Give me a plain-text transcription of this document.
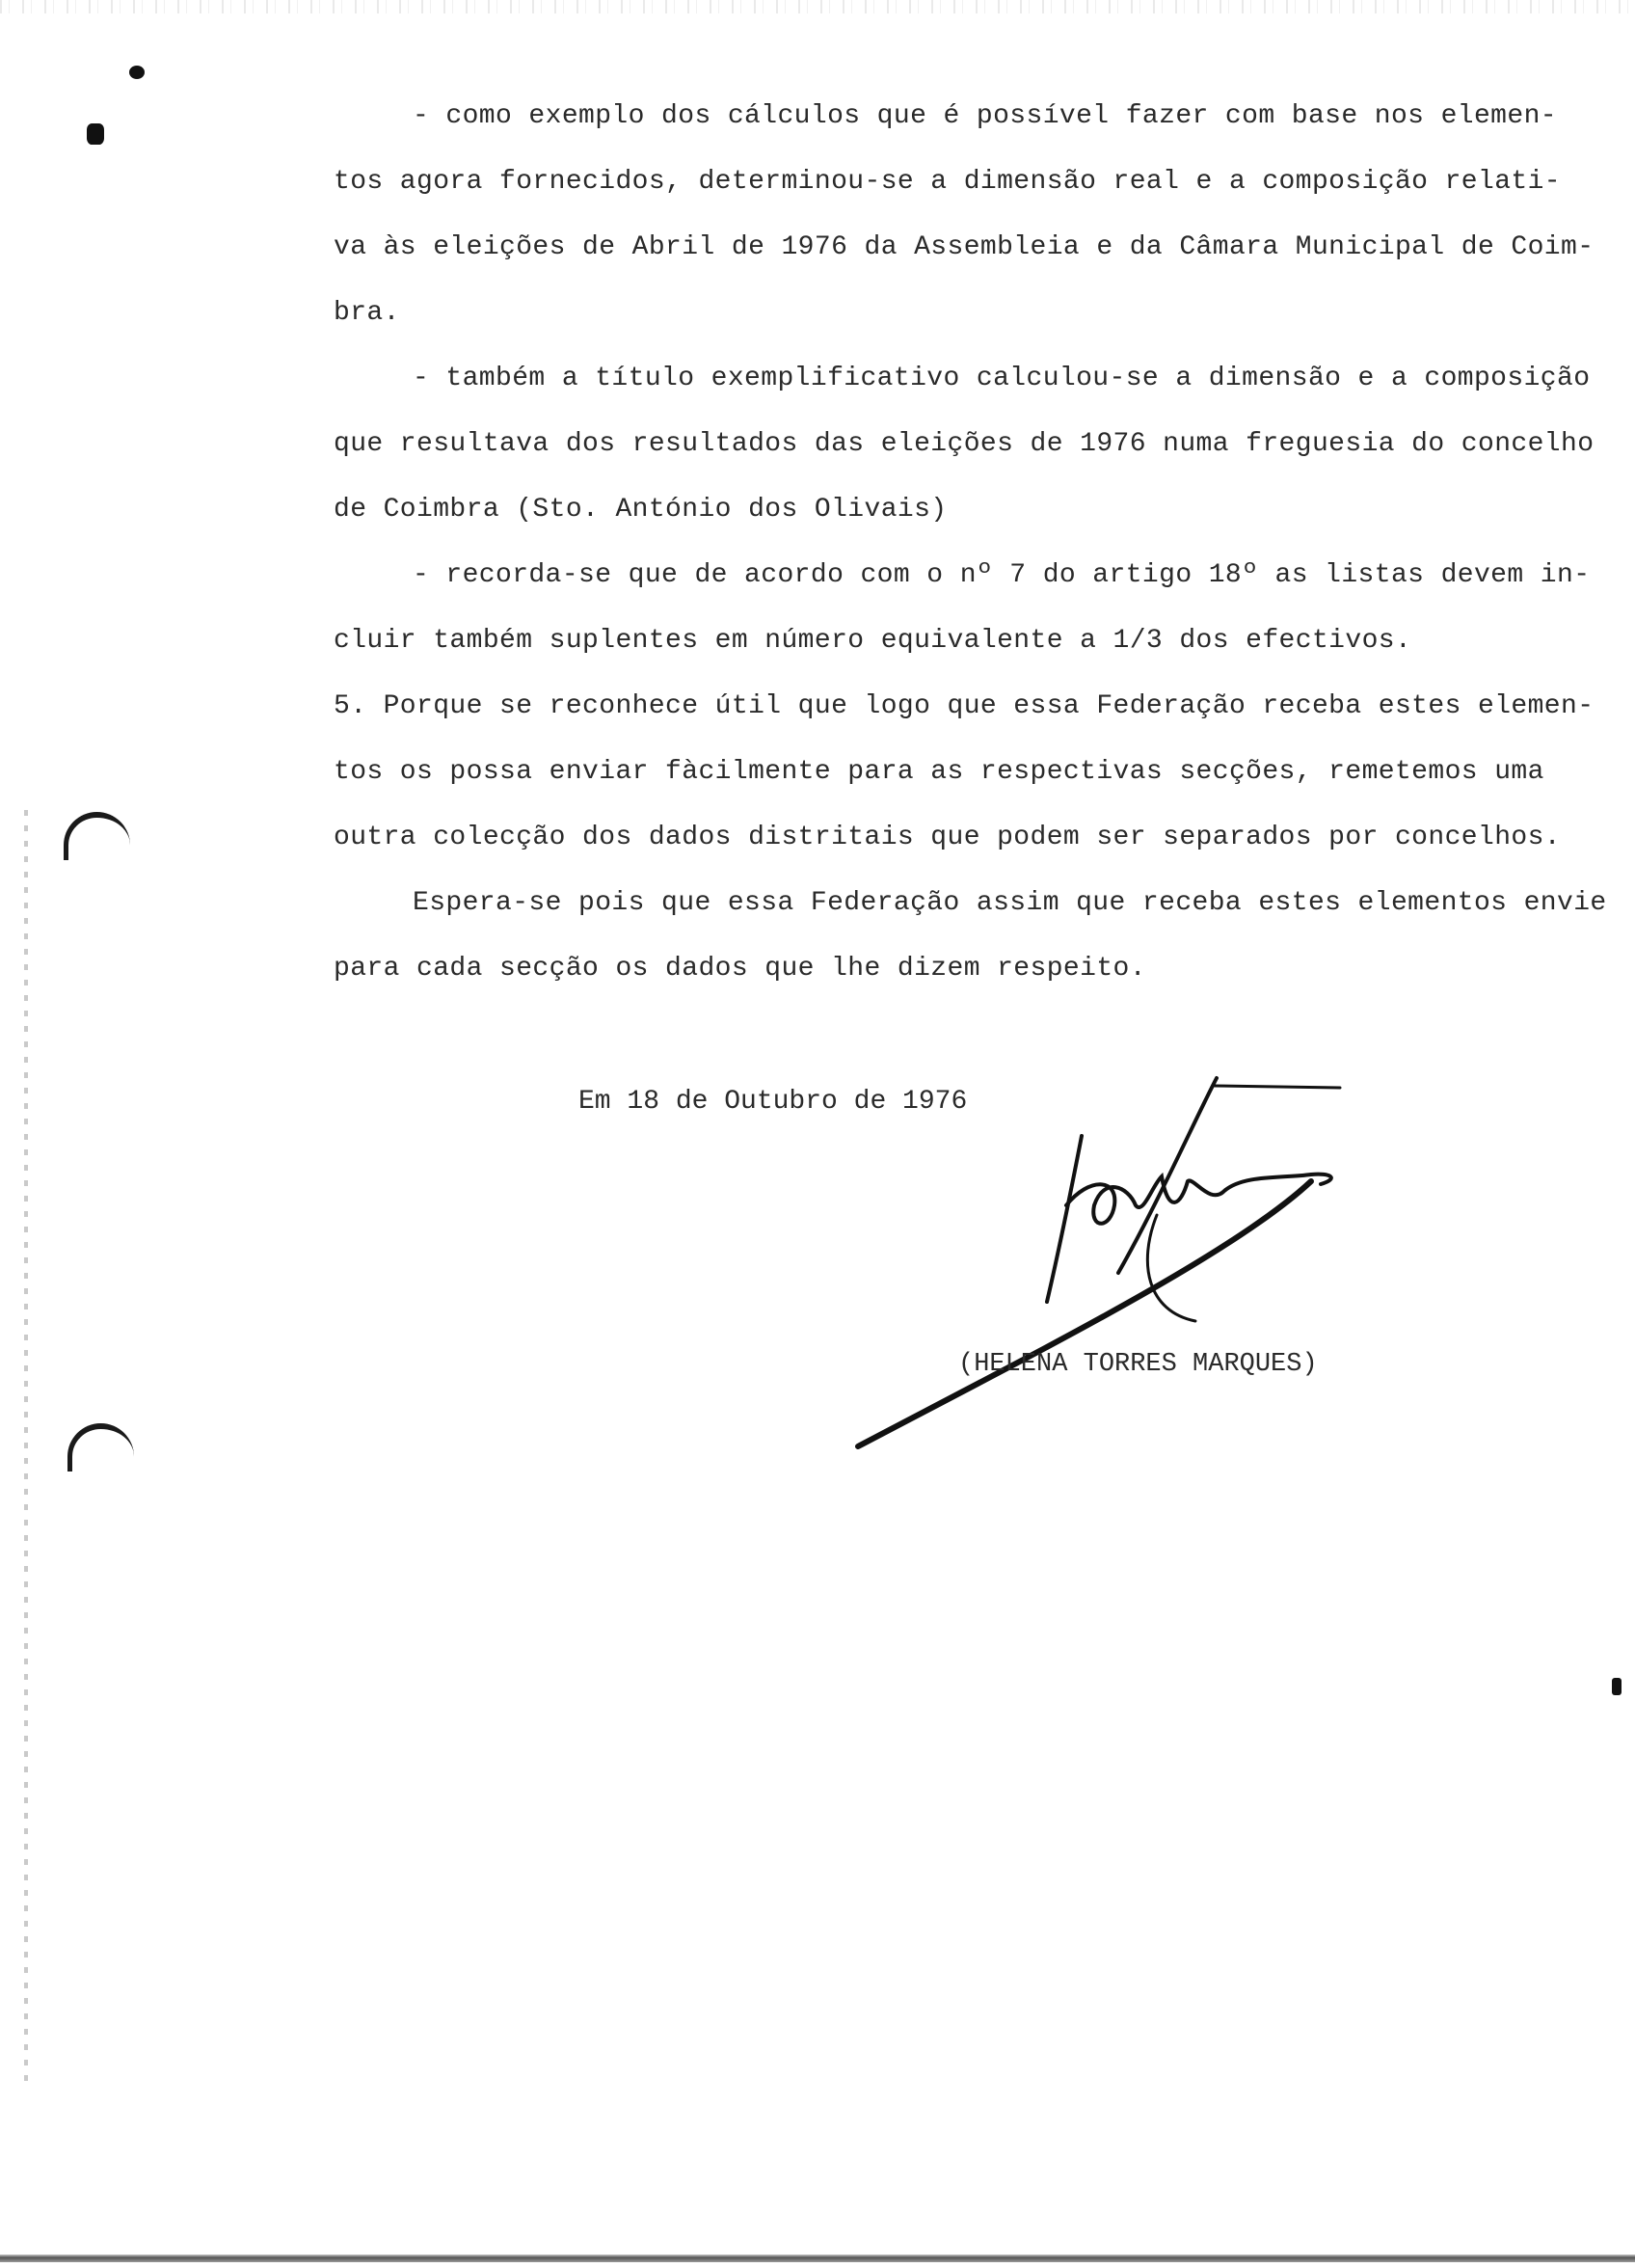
- como exemplo dos cálculos que é possível fazer com base nos elemen-
tos agora fornecidos, determinou-se a dimensão real e a composição relati-
va às eleições de Abril de 1976 da Assembleia e da Câmara Municipal de Coim-
bra.
- também a título exemplificativo calculou-se a dimensão e a composição
que resultava dos resultados das eleições de 1976 numa freguesia do concelho
de Coimbra (Sto. António dos Olivais)
- recorda-se que de acordo com o nº 7 do artigo 18º as listas devem in-
cluir também suplentes em número equivalente a 1/3 dos efectivos.
5. Porque se reconhece útil que logo que essa Federação receba estes elemen-
tos os possa enviar fàcilmente para as respectivas secções, remetemos uma
outra colecção dos dados distritais que podem ser separados por concelhos.
Espera-se pois que essa Federação assim que receba estes elementos envie
para cada secção os dados que lhe dizem respeito.
Em 18 de Outubro de 1976
(HELENA TORRES MARQUES)
